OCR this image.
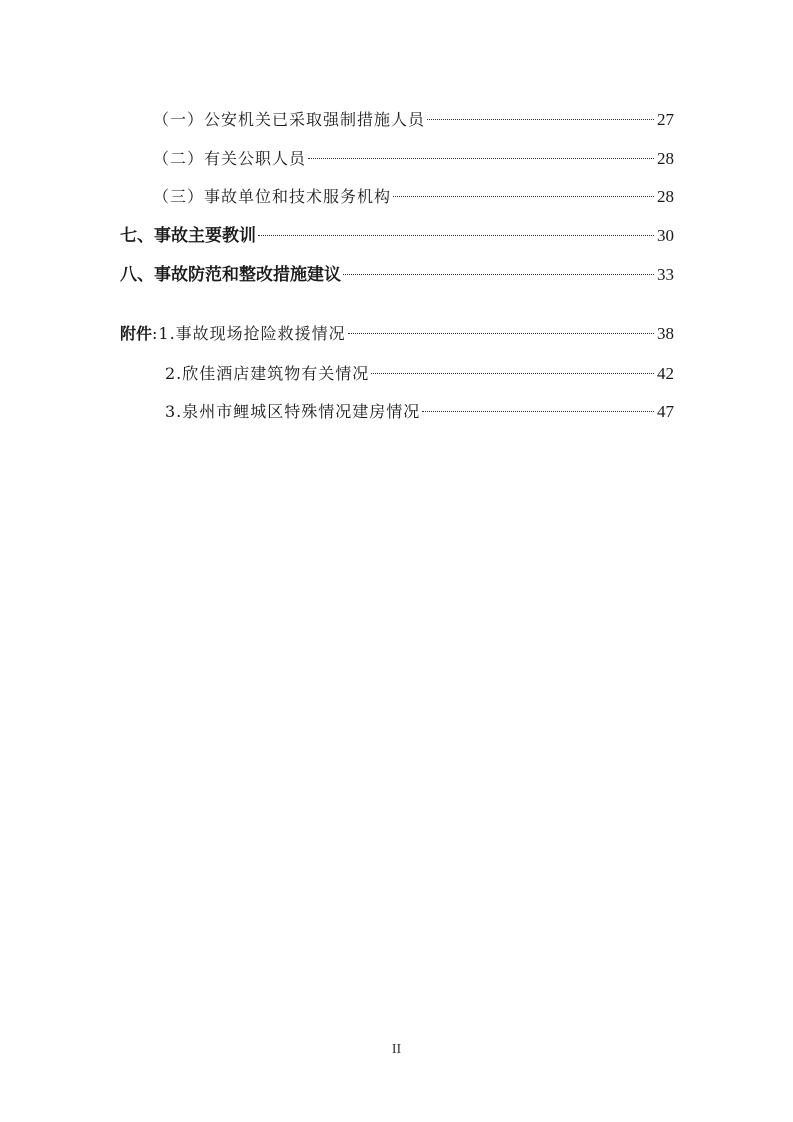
（一）公安机关已采取强制措施人员	27
（二）有关公职人员	28
（三）事故单位和技术服务机构	28
七、事故主要教训	30
八、事故防范和整改措施建议	33
附件:1.事故现场抢险救援情况	38
2.欣佳酒店建筑物有关情况	42
3.泉州市鲤城区特殊情况建房情况	47
II
